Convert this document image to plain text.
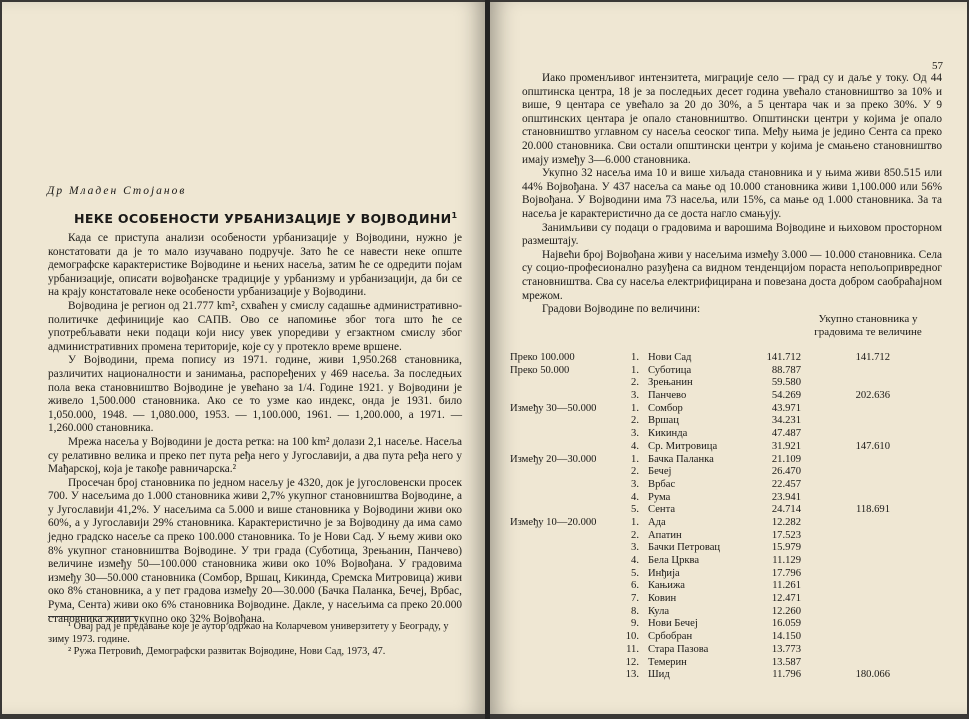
Др Младен Стојанов
НЕКЕ ОСОБЕНОСТИ УРБАНИЗАЦИЈЕ У ВОЈВОДИНИ$^1$

Када се приступа анализи особености урбанизације у Војводини, нужно је констатовати да је то мало изучавано подручје. Зато ће се навести неке опште демографске карактеристике Војводине и њених насеља, затим ће се одредити појам урбанизације, описати војвођанске традиције у урбанизму и урбанизацији, да би се на крају констатовале неке особености урбанизације у Војводини.

Војводина је регион од 21.777 km², схваћен у смислу садашње административно-политичке дефиниције као САПВ. Ово се напомиње због тога што ће се употребљавати неки подаци који нису увек упоредиви у егзактном смислу због административних промена територије, које су у протекло време вршене.

У Војводини, према попису из 1971. године, живи 1,950.268 становника, различитих националности и занимања, распоређених у 469 насеља. За последњих пола века становништво Војводине је увећано за 1/4. Године 1921. у Војводини је живело 1,500.000 становника. Ако се то узме као индекс, онда је 1931. било 1,050.000, 1948. — 1,080.000, 1953. — 1,100.000, 1961. — 1,200.000, а 1971. — 1,260.000 становника.

Мрежа насеља у Војводини је доста ретка: на 100 km² долази 2,1 насеље. Насеља су релативно велика и преко пет пута ређа него у Југославији, а два пута ређа него у Мађарској, која је такође равничарска.²

Просечан број становника по једном насељу је 4320, док је југословенски просек 700. У насељима до 1.000 становника живи 2,7% укупног становништва Војводине, а у Југославији 41,2%. У насељима са 5.000 и више становника у Војводини живи око 60%, а у Југославији 29% становника. Карактеристично је за Војводину да има само једно градско насеље са преко 100.000 становника. То је Нови Сад. У њему живи око 8% укупног становништва Војводине. У три града (Суботица, Зрењанин, Панчево) величине између 50—100.000 становника живи око 10% Војвођана. У градовима између 30—50.000 становника (Сомбор, Вршац, Кикинда, Сремска Митровица) живи око 8% становника, а у пет градова између 20—30.000 (Бачка Паланка, Бечеј, Врбас, Рума, Сента) живи око 6% становника Војводине. Дакле, у насељима са преко 20.000 становника живи укупно око 32% Војвођана.

¹ Овај рад је предавање које је аутор одржао на Коларчевом универзитету у Београду, у зиму 1973. године.

² Ружа Петровић, Демографски развитак Војводине, Нови Сад, 1973, 47.

57

Иако променљивог интензитета, миграције село — град су и даље у току. Од 44 општинска центра, 18 је за последњих десет година увећало становништво за 10% и више, 9 центара се увећало за 20 до 30%, а 5 центара чак и за преко 30%. У 9 општинских центара је опало становништво. Општински центри у којима је опало становништво углавном су насеља сеоског типа. Међу њима је једино Сента са преко 20.000 становника. Сви остали општински центри у којима је смањено становништво имају између 3—6.000 становника.

Укупно 32 насеља има 10 и више хиљада становника и у њима живи 850.515 или 44% Војвођана. У 437 насеља са мање од 10.000 становника живи 1,100.000 или 56% Војвођана. У Војводини има 73 насеља, или 15%, са мање од 1.000 становника. За та насеља је карактеристично да се доста нагло смањују.

Занимљиви су подаци о градовима и варошима Војводине и њиховом просторном размештају.

Највећи број Војвођана живи у насељима између 3.000 — 10.000 становника. Села су социо-професионално разуђена са видном тенденцијом пораста непољопривредног становништва. Сва су насеља електрифицирана и повезана доста добром саобраћајном мрежом.

Градови Војводине по величини:

Укупно становника у градовима те величине
Преко 100.000	1. Нови Сад	141.712	141.712
Преко 50.000	1. Суботица	88.787
2. Зрењанин	59.580
3. Панчево	54.269	202.636
Између 30—50.000	1. Сомбор	43.971
2. Вршац	34.231
3. Кикинда	47.487
4. Ср. Митровица	31.921	147.610
Између 20—30.000	1. Бачка Паланка	21.109
2. Бечеј	26.470
3. Врбас	22.457
4. Рума	23.941
5. Сента	24.714	118.691
Између 10—20.000	1. Ада	12.282
2. Апатин	17.523
3. Бачки Петровац	15.979
4. Бела Црква	11.129
5. Инђија	17.796
6. Кањижа	11.261
7. Ковин	12.471
8. Кула	12.260
9. Нови Бечеј	16.059
10. Србобран	14.150
11. Стара Пазова	13.773
12. Темерин	13.587
13. Шид	11.796	180.066
